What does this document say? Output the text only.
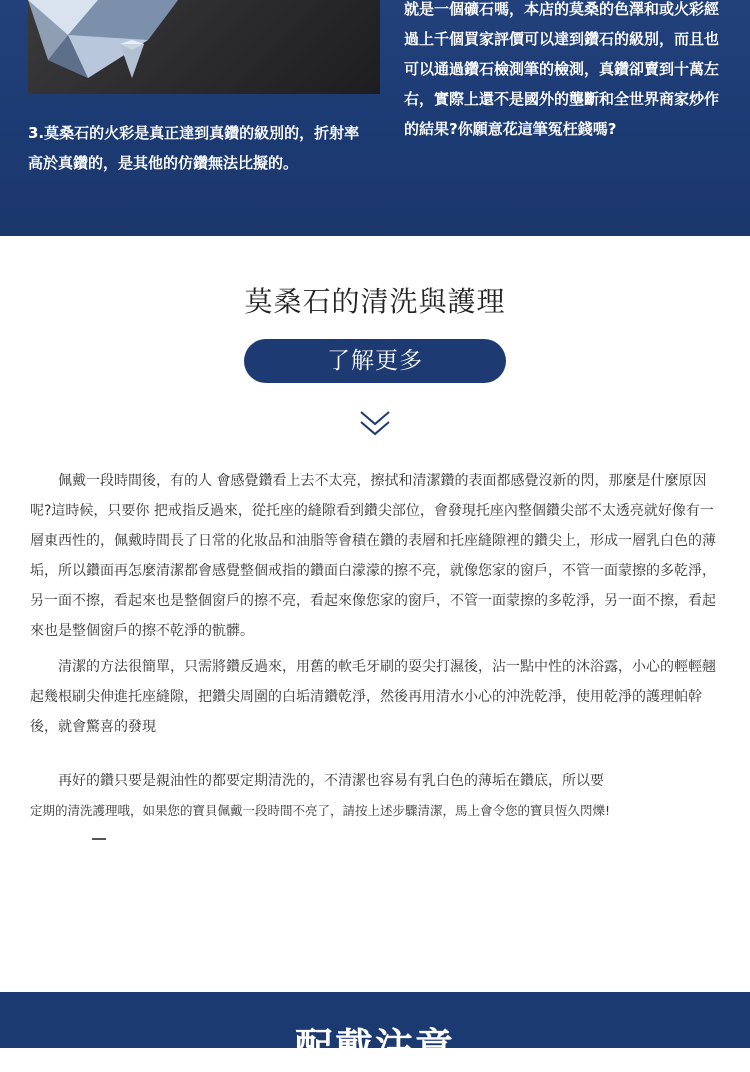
就是一個礦石嗎，本店的莫桑的色澤和或火彩經過上千個買家評價可以達到鑽石的級別，而且也可以通過鑽石檢測筆的檢測，真鑽卻賣到十萬左右，實際上還不是國外的壟斷和全世界商家炒作的結果?你願意花這筆冤枉錢嗎?
3.莫桑石的火彩是真正達到真鑽的級別的，折射率高於真鑽的，是其他的仿鑽無法比擬的。
莫桑石的清洗與護理
了解更多

　　佩戴一段時間後，有的人 會感覺鑽看上去不太亮，擦拭和清潔鑽的表面都感覺沒新的閃，那麼是什麼原因呢?這時候，只要你 把戒指反過來，從托座的縫隙看到鑽尖部位，會發現托座內整個鑽尖部不太透亮就好像有一層東西性的，佩戴時間長了日常的化妝品和油脂等會積在鑽的表層和托座縫隙裡的鑽尖上，形成一層乳白色的薄垢，所以鑽面再怎麼清潔都會感覺整個戒指的鑽面白濛濛的擦不亮，就像您家的窗戶，不管一面蒙擦的多乾淨，另一面不擦，看起來也是整個窗戶的擦不亮，看起來像您家的窗戶，不管一面蒙擦的多乾淨，另一面不擦，看起來也是整個窗戶的擦不乾淨的骯髒。

　　清潔的方法很簡單，只需將鑽反過來，用舊的軟毛牙刷的耍尖打濕後，沾一點中性的沐浴露，小心的輕輕翹起幾根刷尖伸進托座縫隙，把鑽尖周圍的白垢清鑽乾淨，然後再用清水小心的沖洗乾淨，使用乾淨的護理帕幹後，就會驚喜的發現

　　再好的鑽只要是親油性的都要定期清洗的，不清潔也容易有乳白色的薄垢在鑽底，所以要

定期的清洗護理哦，如果您的寶貝佩戴一段時間不亮了，請按上述步驟清潔，馬上會令您的寶貝恆久閃爍!

配戴注意
